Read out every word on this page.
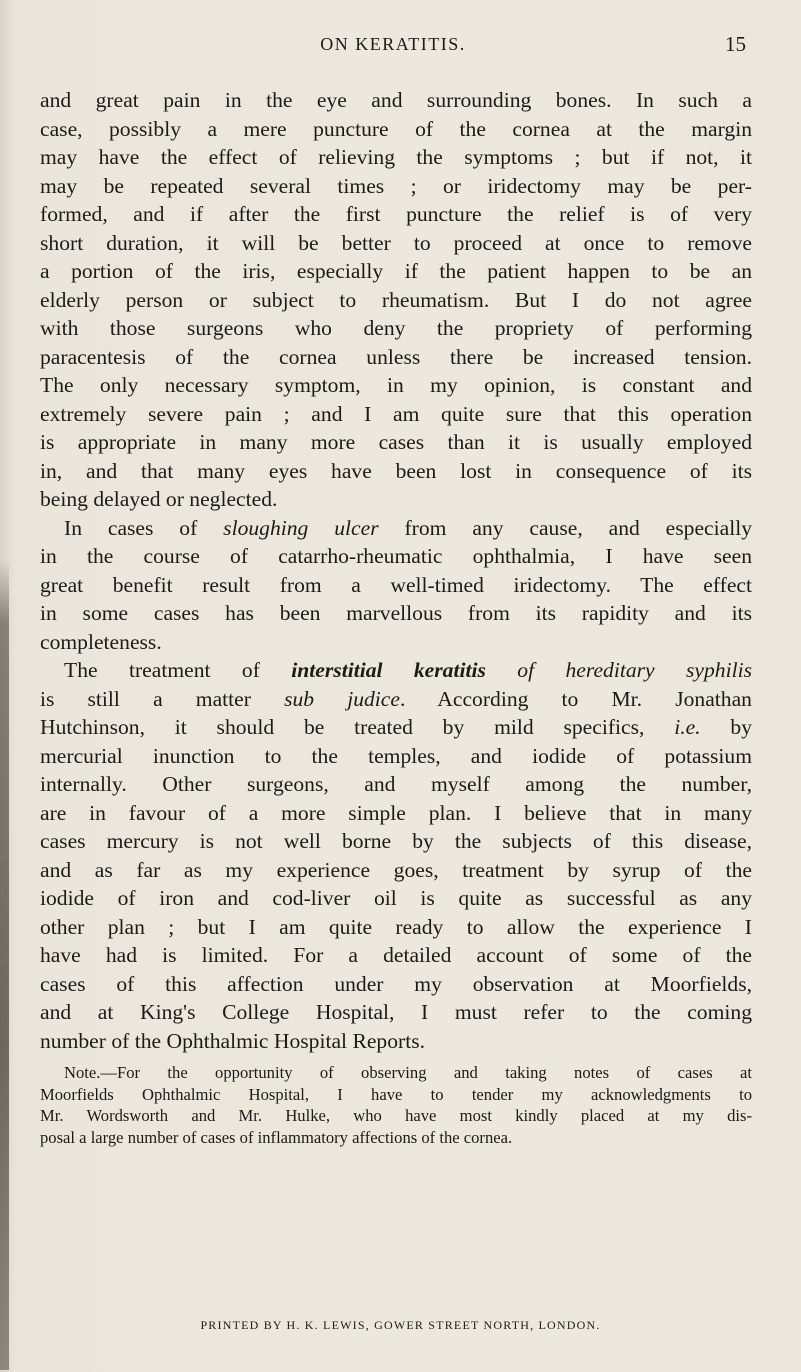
ON KERATITIS.	15
and great pain in the eye and surrounding bones. In such a
case, possibly a mere puncture of the cornea at the margin
may have the effect of relieving the symptoms ; but if not, it
may be repeated several times ; or iridectomy may be per-
formed, and if after the first puncture the relief is of very
short duration, it will be better to proceed at once to remove
a portion of the iris, especially if the patient happen to be an
elderly person or subject to rheumatism. But I do not agree
with those surgeons who deny the propriety of performing
paracentesis of the cornea unless there be increased tension.
The only necessary symptom, in my opinion, is constant and
extremely severe pain ; and I am quite sure that this operation
is appropriate in many more cases than it is usually employed
in, and that many eyes have been lost in consequence of its
being delayed or neglected.
In cases of sloughing ulcer from any cause, and especially
in the course of catarrho-rheumatic ophthalmia, I have seen
great benefit result from a well-timed iridectomy. The effect
in some cases has been marvellous from its rapidity and its
completeness.
The treatment of interstitial keratitis of hereditary syphilis
is still a matter sub judice. According to Mr. Jonathan
Hutchinson, it should be treated by mild specifics, i.e. by
mercurial inunction to the temples, and iodide of potassium
internally. Other surgeons, and myself among the number,
are in favour of a more simple plan. I believe that in many
cases mercury is not well borne by the subjects of this disease,
and as far as my experience goes, treatment by syrup of the
iodide of iron and cod-liver oil is quite as successful as any
other plan ; but I am quite ready to allow the experience I
have had is limited. For a detailed account of some of the
cases of this affection under my observation at Moorfields,
and at King's College Hospital, I must refer to the coming
number of the Ophthalmic Hospital Reports.
Note.—For the opportunity of observing and taking notes of cases at
Moorfields Ophthalmic Hospital, I have to tender my acknowledgments to
Mr. Wordsworth and Mr. Hulke, who have most kindly placed at my dis-
posal a large number of cases of inflammatory affections of the cornea.
PRINTED BY H. K. LEWIS, GOWER STREET NORTH, LONDON.
